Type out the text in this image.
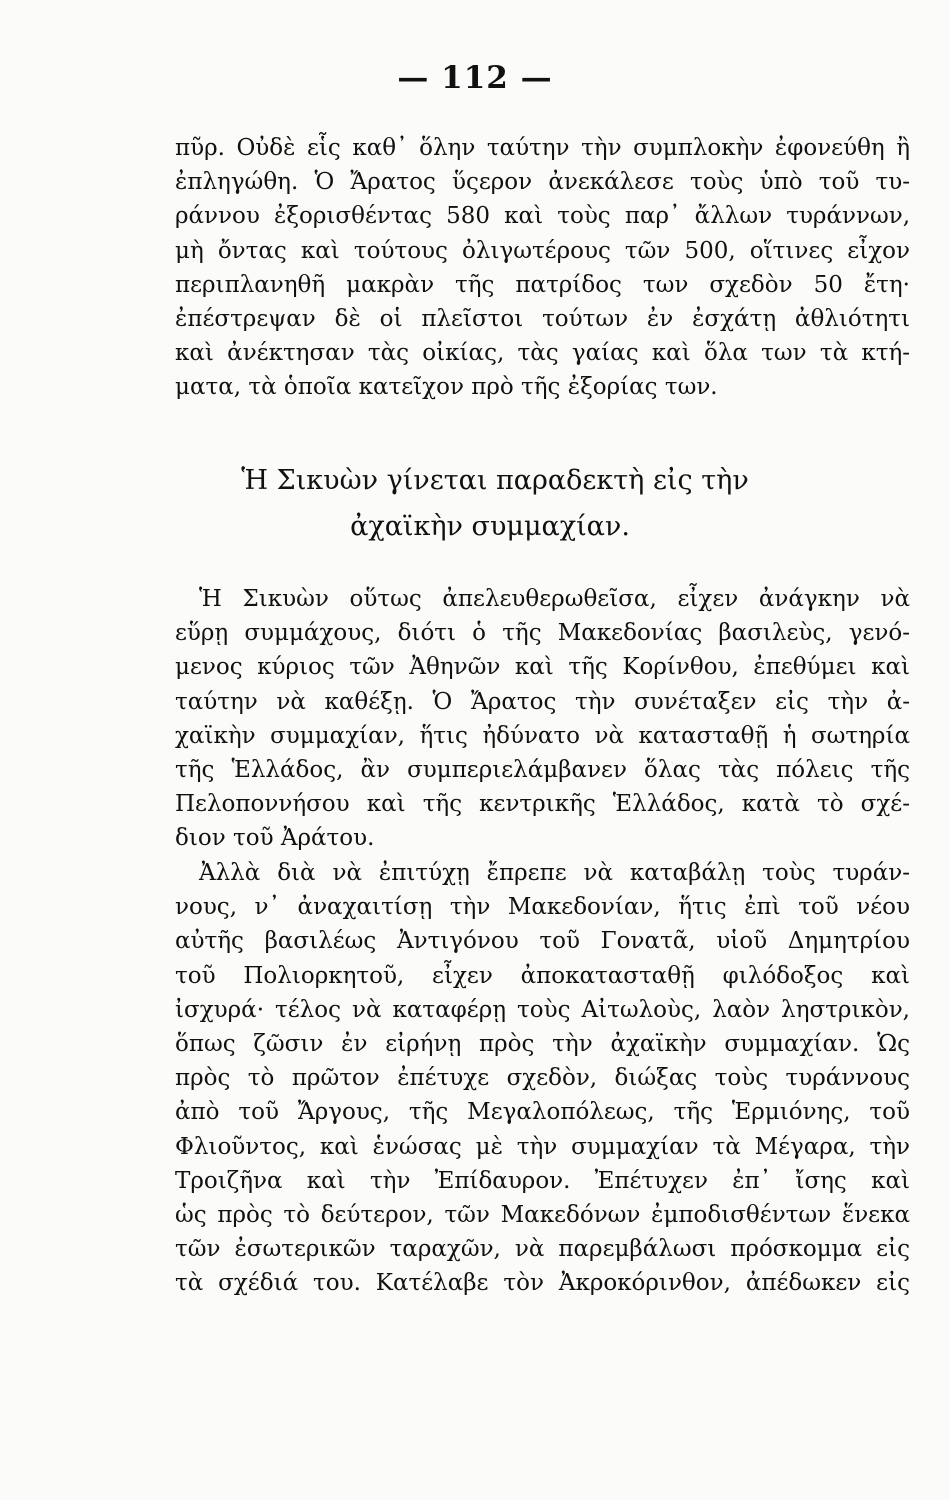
— 112 —
πῦρ. Οὐδὲ εἷς καθ᾿ ὅλην ταύτην τὴν συμπλοκὴν ἐφονεύθη ἢ
ἐπληγώθη. Ὁ Ἄρατος ὕςερον ἀνεκάλεσε τοὺς ὑπὸ τοῦ τυ-
ράννου ἐξορισθέντας 580 καὶ τοὺς παρ᾿ ἄλλων τυράννων,
μὴ ὄντας καὶ τούτους ὀλιγωτέρους τῶν 500, οἵτινες εἶχον
περιπλανηθῆ μακρὰν τῆς πατρίδος των σχεδὸν 50 ἔτη·
ἐπέστρεψαν δὲ οἱ πλεῖστοι τούτων ἐν ἐσχάτῃ ἀθλιότητι
καὶ ἀνέκτησαν τὰς οἰκίας, τὰς γαίας καὶ ὅλα των τὰ κτή-
ματα, τὰ ὁποῖα κατεῖχον πρὸ τῆς ἐξορίας των.
Ἡ Σικυὼν γίνεται παραδεκτὴ εἰς τὴν
ἀχαϊκὴν συμμαχίαν.
Ἡ Σικυὼν οὕτως ἀπελευθερωθεῖσα, εἶχεν ἀνάγκην νὰ
εὕρῃ συμμάχους, διότι ὁ τῆς Μακεδονίας βασιλεὺς, γενό-
μενος κύριος τῶν Ἀθηνῶν καὶ τῆς Κορίνθου, ἐπεθύμει καὶ
ταύτην νὰ καθέξῃ. Ὁ Ἄρατος τὴν συνέταξεν εἰς τὴν ἀ-
χαϊκὴν συμμαχίαν, ἥτις ἠδύνατο νὰ κατασταθῇ ἡ σωτηρία
τῆς Ἑλλάδος, ἂν συμπεριελάμβανεν ὅλας τὰς πόλεις τῆς
Πελοποννήσου καὶ τῆς κεντρικῆς Ἑλλάδος, κατὰ τὸ σχέ-
διον τοῦ Ἀράτου.
Ἀλλὰ διὰ νὰ ἐπιτύχῃ ἔπρεπε νὰ καταβάλῃ τοὺς τυράν-
νους, ν᾿ ἀναχαιτίσῃ τὴν Μακεδονίαν, ἥτις ἐπὶ τοῦ νέου
αὐτῆς βασιλέως Ἀντιγόνου τοῦ Γονατᾶ, υἱοῦ Δημητρίου
τοῦ Πολιορκητοῦ, εἶχεν ἀποκατασταθῇ φιλόδοξος καὶ
ἰσχυρά· τέλος νὰ καταφέρῃ τοὺς Αἰτωλοὺς, λαὸν ληστρικὸν,
ὅπως ζῶσιν ἐν εἰρήνῃ πρὸς τὴν ἀχαϊκὴν συμμαχίαν. Ὡς
πρὸς τὸ πρῶτον ἐπέτυχε σχεδὸν, διώξας τοὺς τυράννους
ἀπὸ τοῦ Ἄργους, τῆς Μεγαλοπόλεως, τῆς Ἑρμιόνης, τοῦ
Φλιοῦντος, καὶ ἑνώσας μὲ τὴν συμμαχίαν τὰ Μέγαρα, τὴν
Τροιζῆνα καὶ τὴν Ἐπίδαυρον. Ἐπέτυχεν ἐπ᾿ ἴσης καὶ
ὡς πρὸς τὸ δεύτερον, τῶν Μακεδόνων ἐμποδισθέντων ἕνεκα
τῶν ἐσωτερικῶν ταραχῶν, νὰ παρεμβάλωσι πρόσκομμα εἰς
τὰ σχέδιά του. Κατέλαβε τὸν Ἀκροκόρινθον, ἀπέδωκεν εἰς
